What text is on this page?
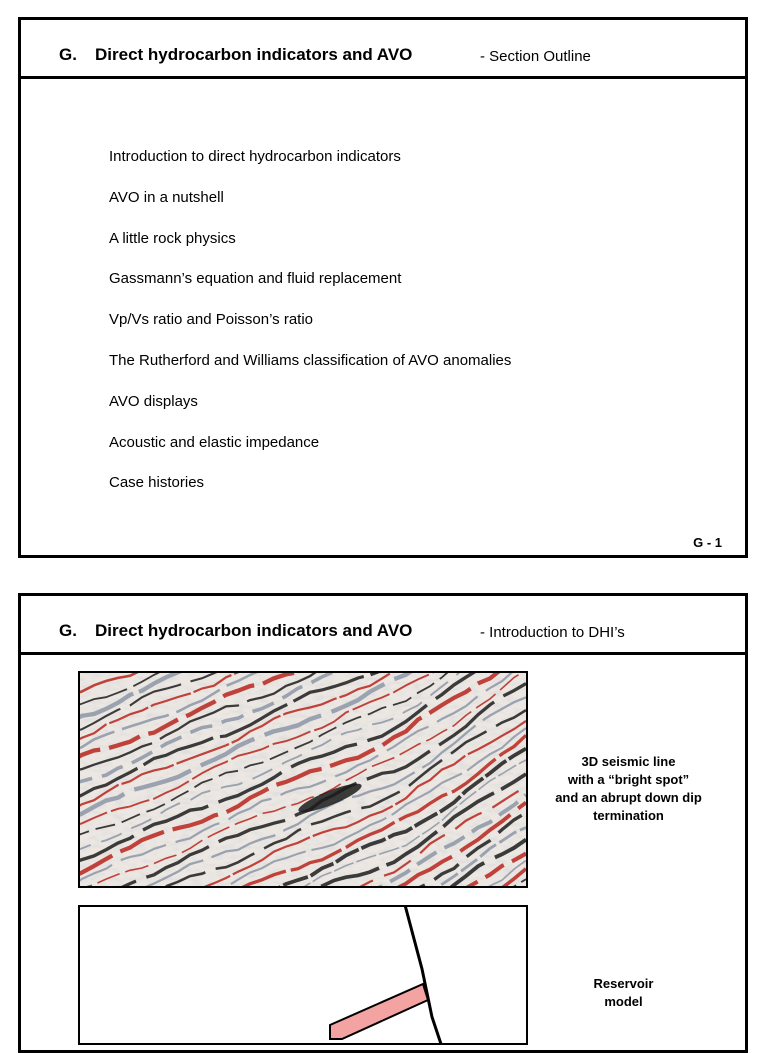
G. Direct hydrocarbon indicators and AVO	- Section Outline
Introduction to direct hydrocarbon indicators
AVO in a nutshell
A little rock physics
Gassmann’s equation and fluid replacement
Vp/Vs ratio and Poisson’s ratio
The Rutherford and Williams classification of AVO anomalies
AVO displays
Acoustic and elastic impedance
Case histories
G - 1
G. Direct hydrocarbon indicators and AVO	- Introduction to DHI’s
3D seismic line
with a “bright spot”
and an abrupt down dip
termination
Reservoir
model
